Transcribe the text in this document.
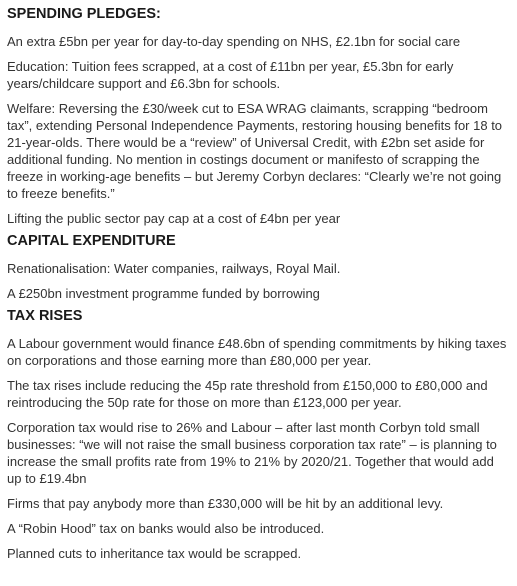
SPENDING PLEDGES:

An extra £5bn per year for day-to-day spending on NHS, £2.1bn for social care

Education: Tuition fees scrapped, at a cost of £11bn per year, £5.3bn for early years/childcare support and £6.3bn for schools.

Welfare: Reversing the £30/week cut to ESA WRAG claimants, scrapping “bedroom tax”, extending Personal Independence Payments, restoring housing benefits for 18 to 21-year-olds. There would be a “review” of Universal Credit, with £2bn set aside for additional funding. No mention in costings document or manifesto of scrapping the freeze in working-age benefits – but Jeremy Corbyn declares: “Clearly we’re not going to freeze benefits.”

Lifting the public sector pay cap at a cost of £4bn per year

CAPITAL EXPENDITURE

Renationalisation: Water companies, railways, Royal Mail.

A £250bn investment programme funded by borrowing

TAX RISES

A Labour government would finance £48.6bn of spending commitments by hiking taxes on corporations and those earning more than £80,000 per year.

The tax rises include reducing the 45p rate threshold from £150,000 to £80,000 and reintroducing the 50p rate for those on more than £123,000 per year.

Corporation tax would rise to 26% and Labour – after last month Corbyn told small businesses: “we will not raise the small business corporation tax rate” – is planning to increase the small profits rate from 19% to 21% by 2020/21. Together that would add up to £19.4bn

Firms that pay anybody more than £330,000 will be hit by an additional levy.

A “Robin Hood” tax on banks would also be introduced.

Planned cuts to inheritance tax would be scrapped.
